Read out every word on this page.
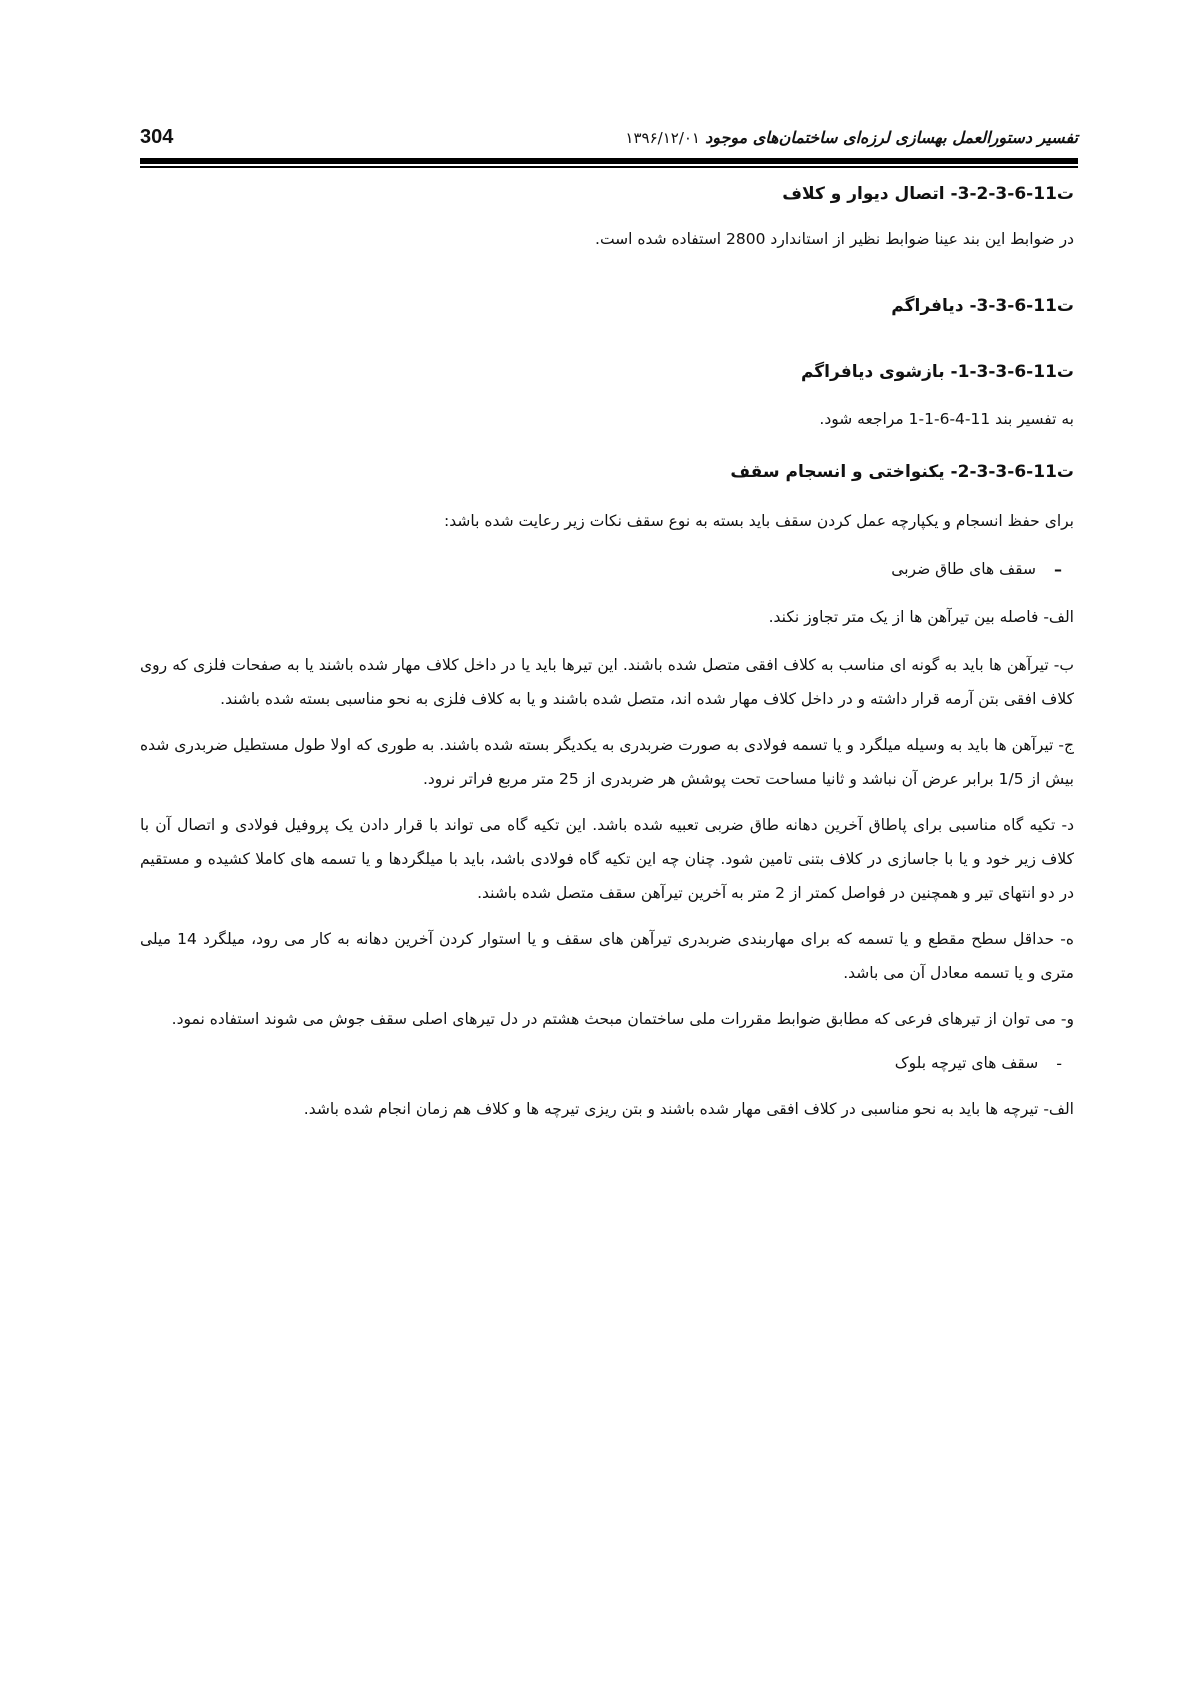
304	تفسیر دستورالعمل بهسازی لرزه‌ای ساختمان‌های موجود ۱۳۹۶/۱۲/۰۱
ت11-6-3-2-3- اتصال دیوار و کلاف

در ضوابط این بند عینا ضوابط نظیر از استاندارد 2800 استفاده شده است.

ت11-6-3-3- دیافراگم
ت11-6-3-3-1- بازشوی دیافراگم

به تفسیر بند 11-4-6-1-1 مراجعه شود.

ت11-6-3-3-2- یکنواختی و انسجام سقف

برای حفظ انسجام و یکپارچه عمل کردن سقف باید بسته به نوع سقف نکات زیر رعایت شده باشد:

–
سقف های طاق ضربی

الف- فاصله بین تیرآهن ها از یک متر تجاوز نکند.

ب- تیرآهن ها باید به گونه ای مناسب به کلاف افقی متصل شده باشند. این تیرها باید یا در داخل کلاف مهار شده باشند یا به صفحات فلزی که روی کلاف افقی بتن آرمه قرار داشته و در داخل کلاف مهار شده اند، متصل شده باشند و یا به کلاف فلزی به نحو مناسبی بسته شده باشند.

ج- تیرآهن ها باید به وسیله میلگرد و یا تسمه فولادی به صورت ضربدری به یکدیگر بسته شده باشند. به طوری که اولا طول مستطیل ضربدری شده بیش از 1/5 برابر عرض آن نباشد و ثانیا مساحت تحت پوشش هر ضربدری از 25 متر مربع فراتر نرود.

د- تکیه گاه مناسبی برای پاطاق آخرین دهانه طاق ضربی تعبیه شده باشد. این تکیه گاه می تواند با قرار دادن یک پروفیل فولادی و اتصال آن با کلاف زیر خود و یا با جاسازی در کلاف بتنی تامین شود. چنان چه این تکیه گاه فولادی باشد، باید با میلگردها و یا تسمه های کاملا کشیده و مستقیم در دو انتهای تیر و همچنین در فواصل کمتر از 2 متر به آخرین تیرآهن سقف متصل شده باشند.

ه- حداقل سطح مقطع و یا تسمه که برای مهاربندی ضربدری تیرآهن های سقف و یا استوار کردن آخرین دهانه به کار می رود، میلگرد 14 میلی متری و یا تسمه معادل آن می باشد.

و- می توان از تیرهای فرعی که مطابق ضوابط مقررات ملی ساختمان مبحث هشتم در دل تیرهای اصلی سقف جوش می شوند استفاده نمود.

-
سقف های تیرچه بلوک

الف- تیرچه ها باید به نحو مناسبی در کلاف افقی مهار شده باشند و بتن ریزی تیرچه ها و کلاف هم زمان انجام شده باشد.
